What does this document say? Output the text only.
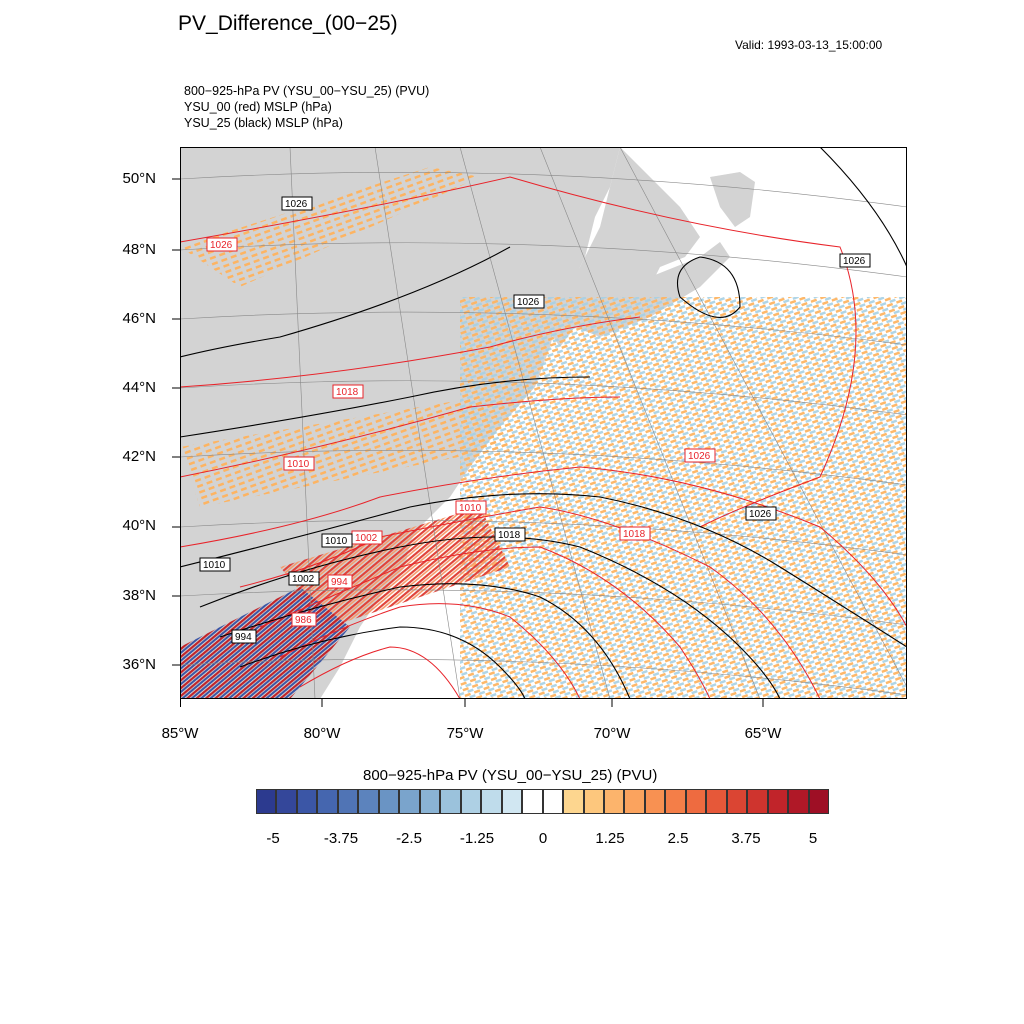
PV_Difference_(00−25)
Valid: 1993-03-13_15:00:00
800−925-hPa PV (YSU_00−YSU_25) (PVU)
YSU_00 (red) MSLP (hPa)
YSU_25 (black) MSLP (hPa)
1026
1026
1018
1010
1010
1002
994
986
1018
1026
1026
1026
1018
1010
1010
1002
994
1026
50°N
48°N
46°N
44°N
42°N
40°N
38°N
36°N
85°W	80°W	75°W	70°W	65°W
800−925-hPa PV (YSU_00−YSU_25) (PVU)
-5	-3.75	-2.5	-1.25	0	1.25	2.5	3.75	5
